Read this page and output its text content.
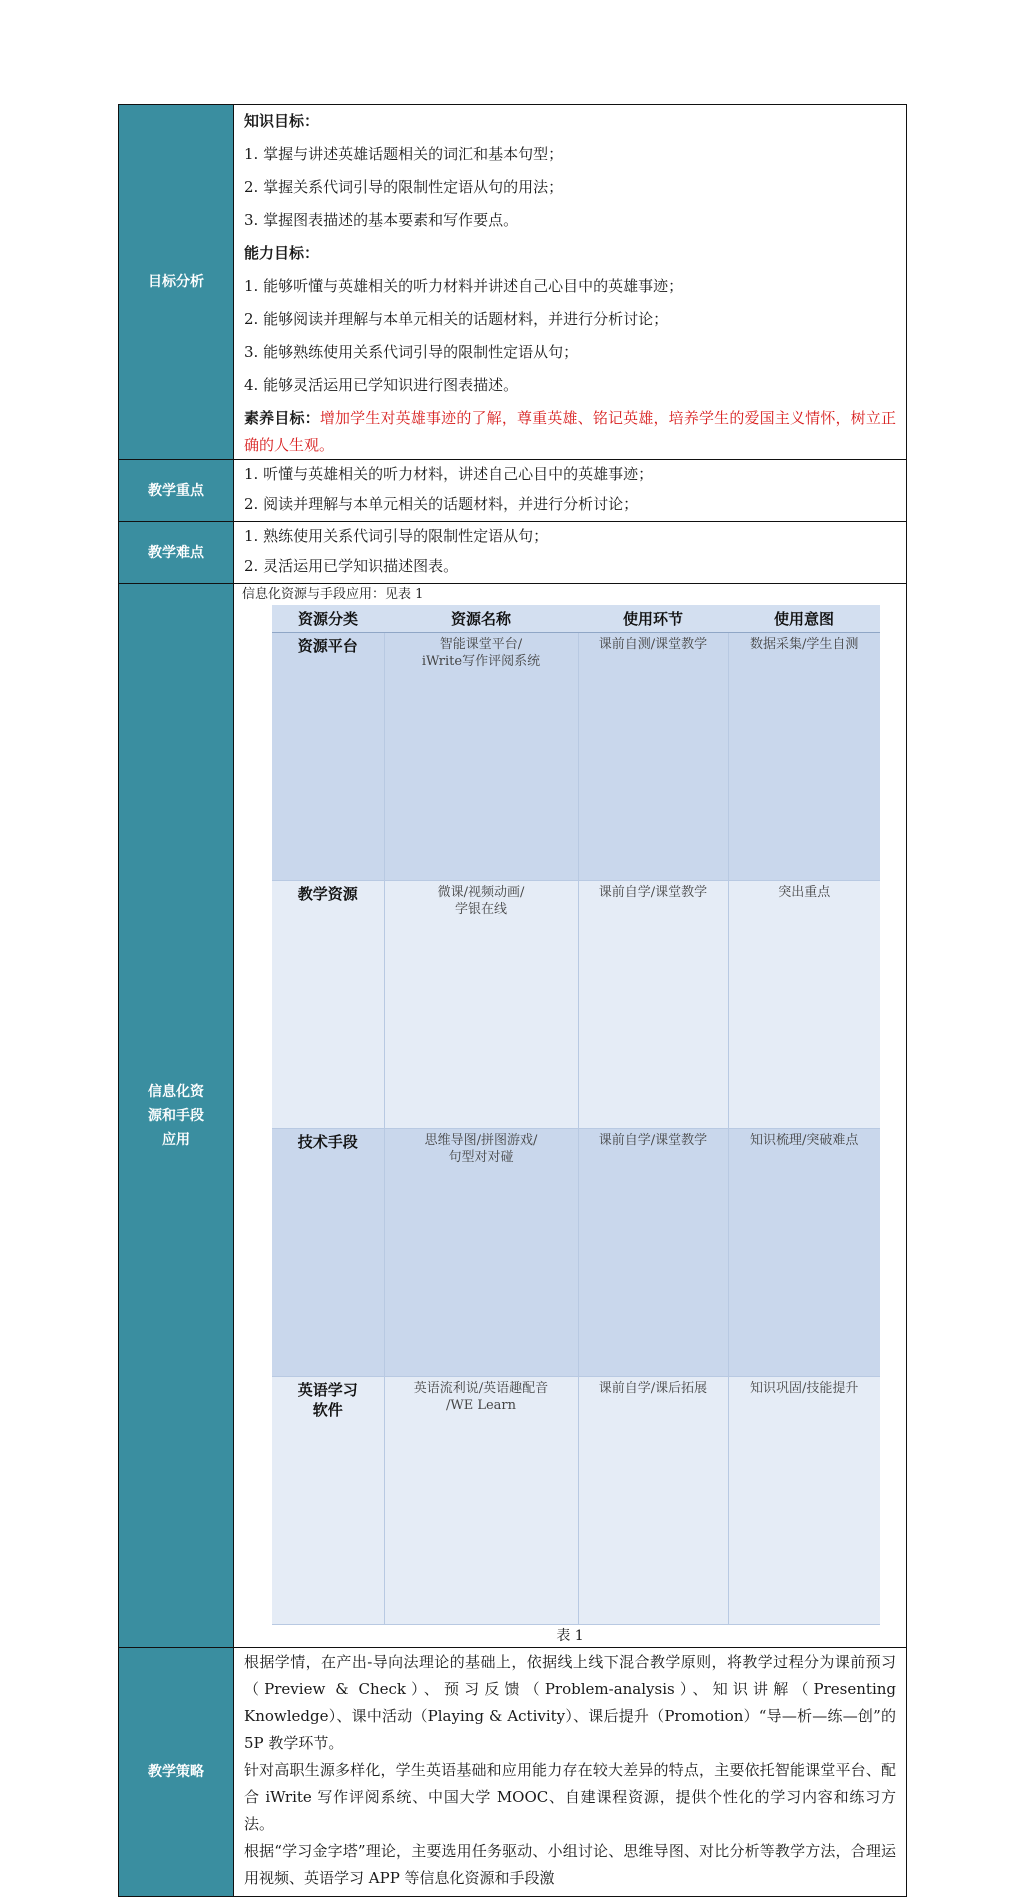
目标分析	
知识目标：
1. 掌握与讲述英雄话题相关的词汇和基本句型；
2. 掌握关系代词引导的限制性定语从句的用法；
3. 掌握图表描述的基本要素和写作要点。
能力目标：
1. 能够听懂与英雄相关的听力材料并讲述自己心目中的英雄事迹；
2. 能够阅读并理解与本单元相关的话题材料，并进行分析讨论；
3. 能够熟练使用关系代词引导的限制性定语从句；
4. 能够灵活运用已学知识进行图表描述。
素养目标：增加学生对英雄事迹的了解，尊重英雄、铭记英雄，培养学生的爱国主义情怀，树立正确的人生观。

教学重点	
1. 听懂与英雄相关的听力材料，讲述自己心目中的英雄事迹；
2. 阅读并理解与本单元相关的话题材料，并进行分析讨论；

教学难点	
1. 熟练使用关系代词引导的限制性定语从句；
2. 灵活运用已学知识描述图表。

信息化资
源和手段
应用

信息化资源与手段应用：见表 1
资源分类	资源名称	使用环节	使用意图
资源平台	智能课堂平台/
iWrite写作评阅系统	课前自测/课堂教学	数据采集/学生自测
教学资源	微课/视频动画/
学银在线	课前自学/课堂教学	突出重点
技术手段	思维导图/拼图游戏/
句型对对碰	课前自学/课堂教学	知识梳理/突破难点
英语学习
软件	英语流利说/英语趣配音
/WE Learn	课前自学/课后拓展	知识巩固/技能提升
表 1

教学策略	
根据学情，在产出-导向法理论的基础上，依据线上线下混合教学原则，将教学过程分为课前预习（Preview & Check）、预习反馈（Problem-analysis）、知识讲解（Presenting Knowledge）、课中活动（Playing & Activity）、课后提升（Promotion）“导—析—练—创”的 5P 教学环节。
针对高职生源多样化，学生英语基础和应用能力存在较大差异的特点，主要依托智能课堂平台、配合 iWrite 写作评阅系统、中国大学 MOOC、自建课程资源，提供个性化的学习内容和练习方法。
根据“学习金字塔”理论，主要选用任务驱动、小组讨论、思维导图、对比分析等教学方法，合理运用视频、英语学习 APP 等信息化资源和手段激
